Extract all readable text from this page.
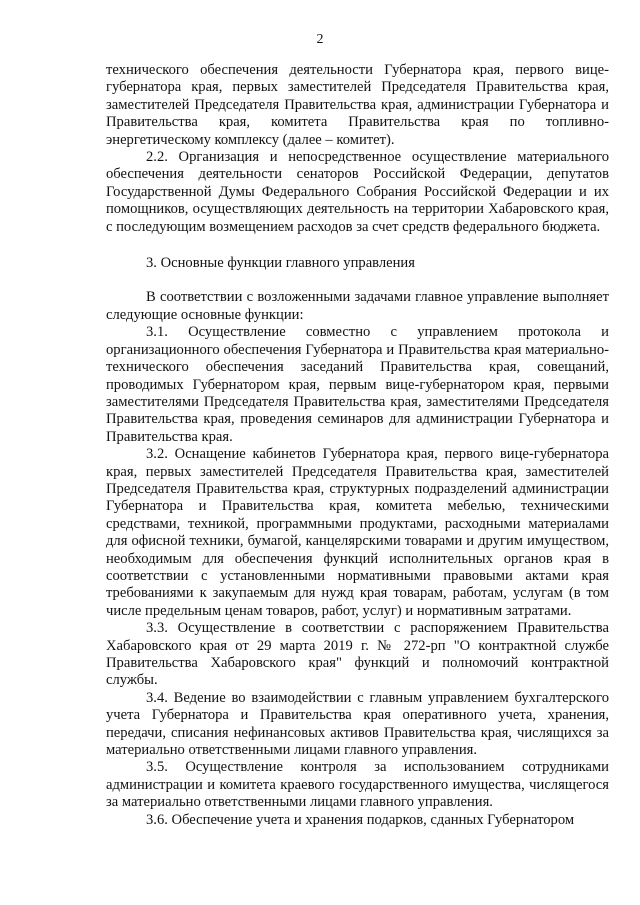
2

технического обеспечения деятельности Губернатора края, первого вице-губернатора края, первых заместителей Председателя Правительства края, заместителей Председателя Правительства края, администрации Губернатора и Правительства края, комитета Правительства края по топливно-энергетическому комплексу (далее – комитет).

2.2. Организация и непосредственное осуществление материального обеспечения деятельности сенаторов Российской Федерации, депутатов Государственной Думы Федерального Собрания Российской Федерации и их помощников, осуществляющих деятельность на территории Хабаровского края, с последующим возмещением расходов за счет средств федерального бюджета.

3. Основные функции главного управления

В соответствии с возложенными задачами главное управление выполняет следующие основные функции:

3.1. Осуществление совместно с управлением протокола и организационного обеспечения Губернатора и Правительства края материально-технического обеспечения заседаний Правительства края, совещаний, проводимых Губернатором края, первым вице-губернатором края, первыми заместителями Председателя Правительства края, заместителями Председателя Правительства края, проведения семинаров для администрации Губернатора и Правительства края.

3.2. Оснащение кабинетов Губернатора края, первого вице-губернатора края, первых заместителей Председателя Правительства края, заместителей Председателя Правительства края, структурных подразделений администрации Губернатора и Правительства края, комитета мебелью, техническими средствами, техникой, программными продуктами, расходными материалами для офисной техники, бумагой, канцелярскими товарами и другим имуществом, необходимым для обеспечения функций исполнительных органов края в соответствии с установленными нормативными правовыми актами края требованиями к закупаемым для нужд края товарам, работам, услугам (в том числе предельным ценам товаров, работ, услуг) и нормативным затратами.

3.3. Осуществление в соответствии с распоряжением Правительства Хабаровского края от 29 марта 2019 г. № 272-рп "О контрактной службе Правительства Хабаровского края" функций и полномочий контрактной службы.

3.4. Ведение во взаимодействии с главным управлением бухгалтерского учета Губернатора и Правительства края оперативного учета, хранения, передачи, списания нефинансовых активов Правительства края, числящихся за материально ответственными лицами главного управления.

3.5. Осуществление контроля за использованием сотрудниками администрации и комитета краевого государственного имущества, числящегося за материально ответственными лицами главного управления.

3.6. Обеспечение учета и хранения подарков, сданных Губернатором
